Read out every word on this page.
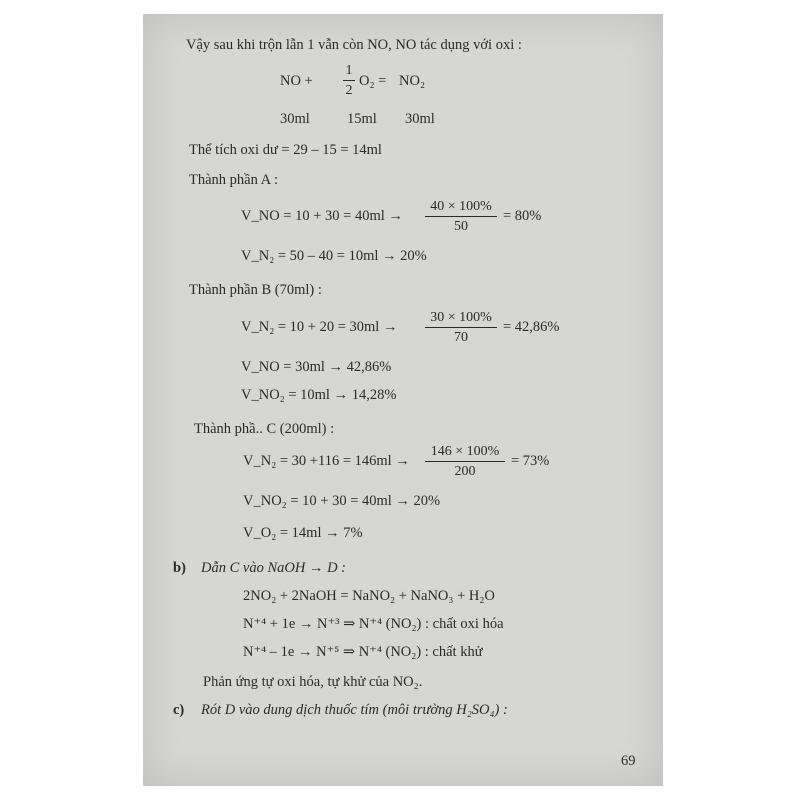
Vậy sau khi trộn lẫn 1 vẫn còn NO, NO tác dụng với oxi :
NO +
1
2
O₂ = NO₂
30ml	15ml 30ml
Thể tích oxi dư = 29 – 15 = 14ml
Thành phần A :
V_NO = 10 + 30 = 40ml →
40 × 100%
50
= 80%
V_N₂ = 50 – 40 = 10ml → 20%
Thành phần B (70ml) :
V_N₂ = 10 + 20 = 30ml →
30 × 100%
70
= 42,86%
V_NO = 30ml → 42,86%
V_NO₂ = 10ml → 14,28%
Thành phầ.. C (200ml) :
V_N₂ = 30 +116 = 146ml →
146 × 100%
200
= 73%
V_NO₂ = 10 + 30 = 40ml → 20%
V_O₂ = 14ml → 7%
b) Dẫn C vào NaOH → D :
2NO₂ + 2NaOH = NaNO₂ + NaNO₃ + H₂O
N⁺⁴ + 1e → N⁺³ ⇒ N⁺⁴ (NO₂) : chất oxi hóa
N⁺⁴ – 1e → N⁺⁵ ⇒ N⁺⁴ (NO₂) : chất khử
Phản ứng tự oxi hóa, tự khử của NO₂.
c) Rót D vào dung dịch thuốc tím (môi trường H₂SO₄) :
69
